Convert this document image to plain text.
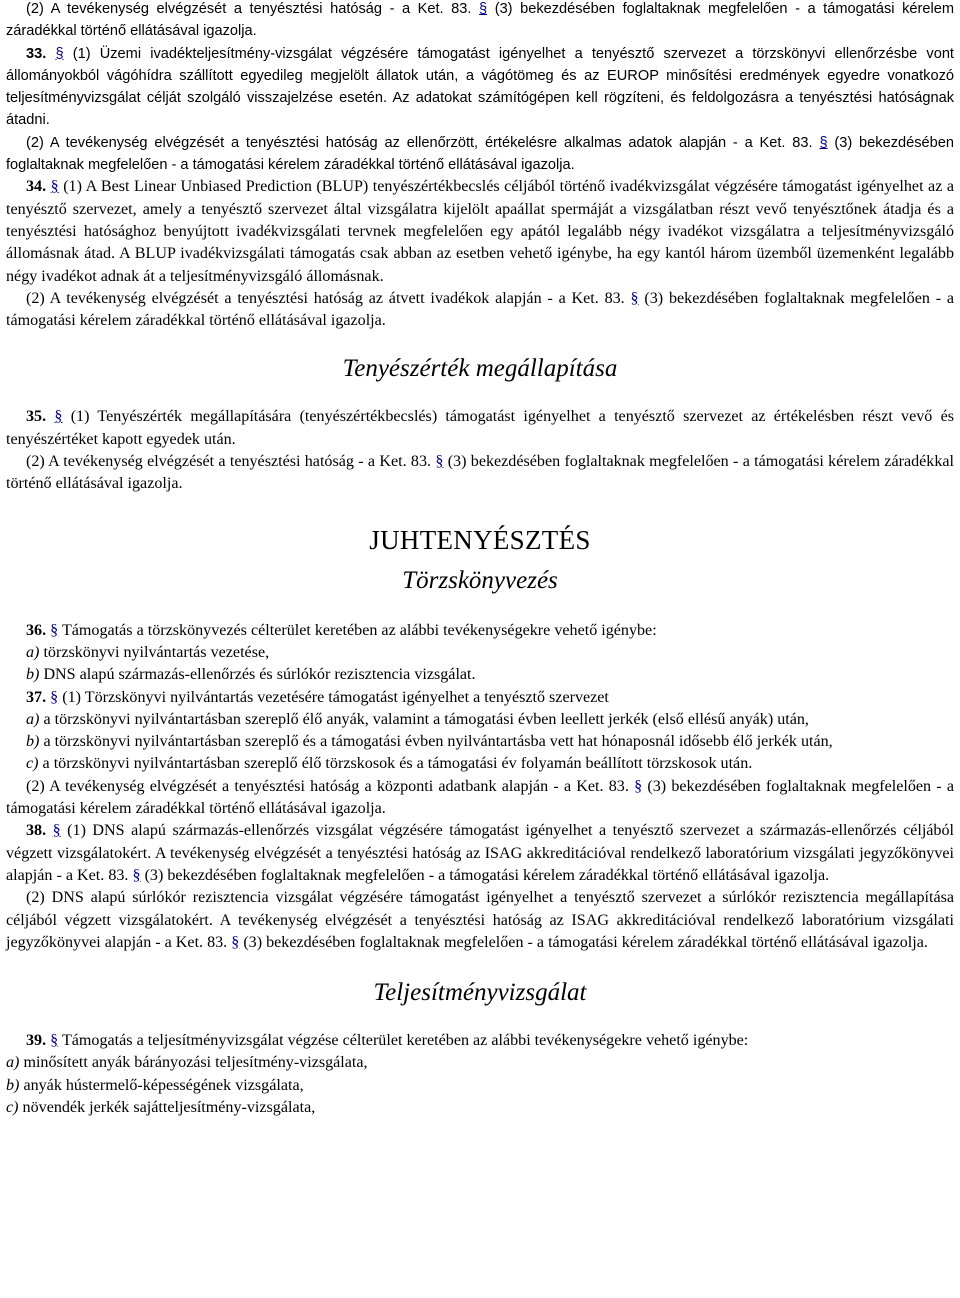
(2) A tevékenység elvégzését a tenyésztési hatóság - a Ket. 83. § (3) bekezdésében foglaltaknak megfelelően - a támogatási kérelem záradékkal történő ellátásával igazolja.

33. § (1) Üzemi ivadékteljesítmény-vizsgálat végzésére támogatást igényelhet a tenyésztő szervezet a törzskönyvi ellenőrzésbe vont állományokból vágóhídra szállított egyedileg megjelölt állatok után, a vágótömeg és az EUROP minősítési eredmények egyedre vonatkozó teljesítményvizsgálat célját szolgáló visszajelzése esetén. Az adatokat számítógépen kell rögzíteni, és feldolgozásra a tenyésztési hatóságnak átadni.

(2) A tevékenység elvégzését a tenyésztési hatóság az ellenőrzött, értékelésre alkalmas adatok alapján - a Ket. 83. § (3) bekezdésében foglaltaknak megfelelően - a támogatási kérelem záradékkal történő ellátásával igazolja.

34. § (1) A Best Linear Unbiased Prediction (BLUP) tenyészértékbecslés céljából történő ivadékvizsgálat végzésére támogatást igényelhet az a tenyésztő szervezet, amely a tenyésztő szervezet által vizsgálatra kijelölt apaállat spermáját a vizsgálatban részt vevő tenyésztőnek átadja és a tenyésztési hatósághoz benyújtott ivadékvizsgálati tervnek megfelelően egy apától legalább négy ivadékot vizsgálatra a teljesítményvizsgáló állomásnak átad. A BLUP ivadékvizsgálati támogatás csak abban az esetben vehető igénybe, ha egy kantól három üzemből üzemenként legalább négy ivadékot adnak át a teljesítményvizsgáló állomásnak.

(2) A tevékenység elvégzését a tenyésztési hatóság az átvett ivadékok alapján - a Ket. 83. § (3) bekezdésében foglaltaknak megfelelően - a támogatási kérelem záradékkal történő ellátásával igazolja.

Tenyészérték megállapítása

35. § (1) Tenyészérték megállapítására (tenyészértékbecslés) támogatást igényelhet a tenyésztő szervezet az értékelésben részt vevő és tenyészértéket kapott egyedek után.

(2) A tevékenység elvégzését a tenyésztési hatóság - a Ket. 83. § (3) bekezdésében foglaltaknak megfelelően - a támogatási kérelem záradékkal történő ellátásával igazolja.

JUHTENYÉSZTÉS
Törzskönyvezés

36. § Támogatás a törzskönyvezés célterület keretében az alábbi tevékenységekre vehető igénybe:

a) törzskönyvi nyilvántartás vezetése,

b) DNS alapú származás-ellenőrzés és súrlókór rezisztencia vizsgálat.

37. § (1) Törzskönyvi nyilvántartás vezetésére támogatást igényelhet a tenyésztő szervezet

a) a törzskönyvi nyilvántartásban szereplő élő anyák, valamint a támogatási évben leellett jerkék (első ellésű anyák) után,

b) a törzskönyvi nyilvántartásban szereplő és a támogatási évben nyilvántartásba vett hat hónaposnál idősebb élő jerkék után,

c) a törzskönyvi nyilvántartásban szereplő élő törzskosok és a támogatási év folyamán beállított törzskosok után.

(2) A tevékenység elvégzését a tenyésztési hatóság a központi adatbank alapján - a Ket. 83. § (3) bekezdésében foglaltaknak megfelelően - a támogatási kérelem záradékkal történő ellátásával igazolja.

38. § (1) DNS alapú származás-ellenőrzés vizsgálat végzésére támogatást igényelhet a tenyésztő szervezet a származás-ellenőrzés céljából végzett vizsgálatokért. A tevékenység elvégzését a tenyésztési hatóság az ISAG akkreditációval rendelkező laboratórium vizsgálati jegyzőkönyvei alapján - a Ket. 83. § (3) bekezdésében foglaltaknak megfelelően - a támogatási kérelem záradékkal történő ellátásával igazolja.

(2) DNS alapú súrlókór rezisztencia vizsgálat végzésére támogatást igényelhet a tenyésztő szervezet a súrlókór rezisztencia megállapítása céljából végzett vizsgálatokért. A tevékenység elvégzését a tenyésztési hatóság az ISAG akkreditációval rendelkező laboratórium vizsgálati jegyzőkönyvei alapján - a Ket. 83. § (3) bekezdésében foglaltaknak megfelelően - a támogatási kérelem záradékkal történő ellátásával igazolja.

Teljesítményvizsgálat

39. § Támogatás a teljesítményvizsgálat végzése célterület keretében az alábbi tevékenységekre vehető igénybe:

a) minősített anyák bárányozási teljesítmény-vizsgálata,

b) anyák hústermelő-képességének vizsgálata,

c) növendék jerkék sajátteljesítmény-vizsgálata,
